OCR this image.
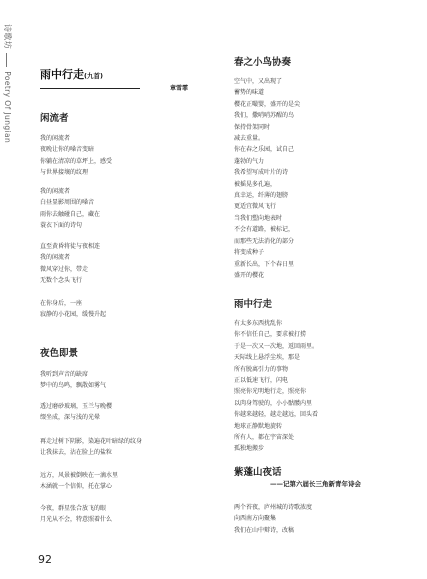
诗歌坊Poetry Of Jungian	雨中行走(九首)

章雪霏

闲流者

我的闲流者
夜晚让你的嗓音变暗
你躺在清凉的草坪上，感受
与世界接壤的纹理
我的闲流者
白昼显影周围的嗓音
雨你去触碰自己，藏在
蓑衣下面的诗句
直至黄昏将徒与夜相连
我的闲流者
微风穿过你，带走
无数个念头飞行
在你身后，一座
寂静的小花园，缓慢升起

夜色即景

我听到声音的缺席
梦中的鸟鸣，飘散如雾气
透过磨砂玻璃，玉兰与晚樱
缀坐成，深与浅的光晕
再走过树下阴影，染遍花叶暗绿的纹身
让我抹去，沾在脸上的盐粒
远方，风景被倒映在一滴水里
木涵就一个信仰，托在掌心
今夜，群星张合放飞的眼
月光从不会，特意照着什么

春之小鸟协奏

空气中，又出现了
蓄势的味道
樱花正嘬婴，盛开的是尖
我们，撒哨哨苏醒的鸟
保持骨架同时
减去重量。
你在春之乐园，试自己
蓬勃的气力
我希望写成叶片的诗
被摇晃多孔遍，
真幸运，纤薄的翅膀
更适宜微风飞行
当我们塑向地表时
不会有道路，被标记，
而那些无法消化的部分
将变成种子
重新长出，下个春日里
盛开的樱花

雨中行走

有太多东西扰乱你
你不信任自己，要求被打捞
于是一次又一次地，返回雨里。
天际线上悬浮尘埃，那是
所有脱离引力的事物
正以低速飞行，闪电
照亮你光明地行走，照亮你
以肉身驾驶的，小小骷髅内里
你越来越轻，越走越远，回头看
地球正静默地旋转
所有人，都在宇宙深处
孤独地搬步

紫蓬山夜话

——记第六届长三角新青年诗会
两个苔夜，庐州城的诗歌浓度
向西南方向聚集
我们在山中辩诗，改稿
92
